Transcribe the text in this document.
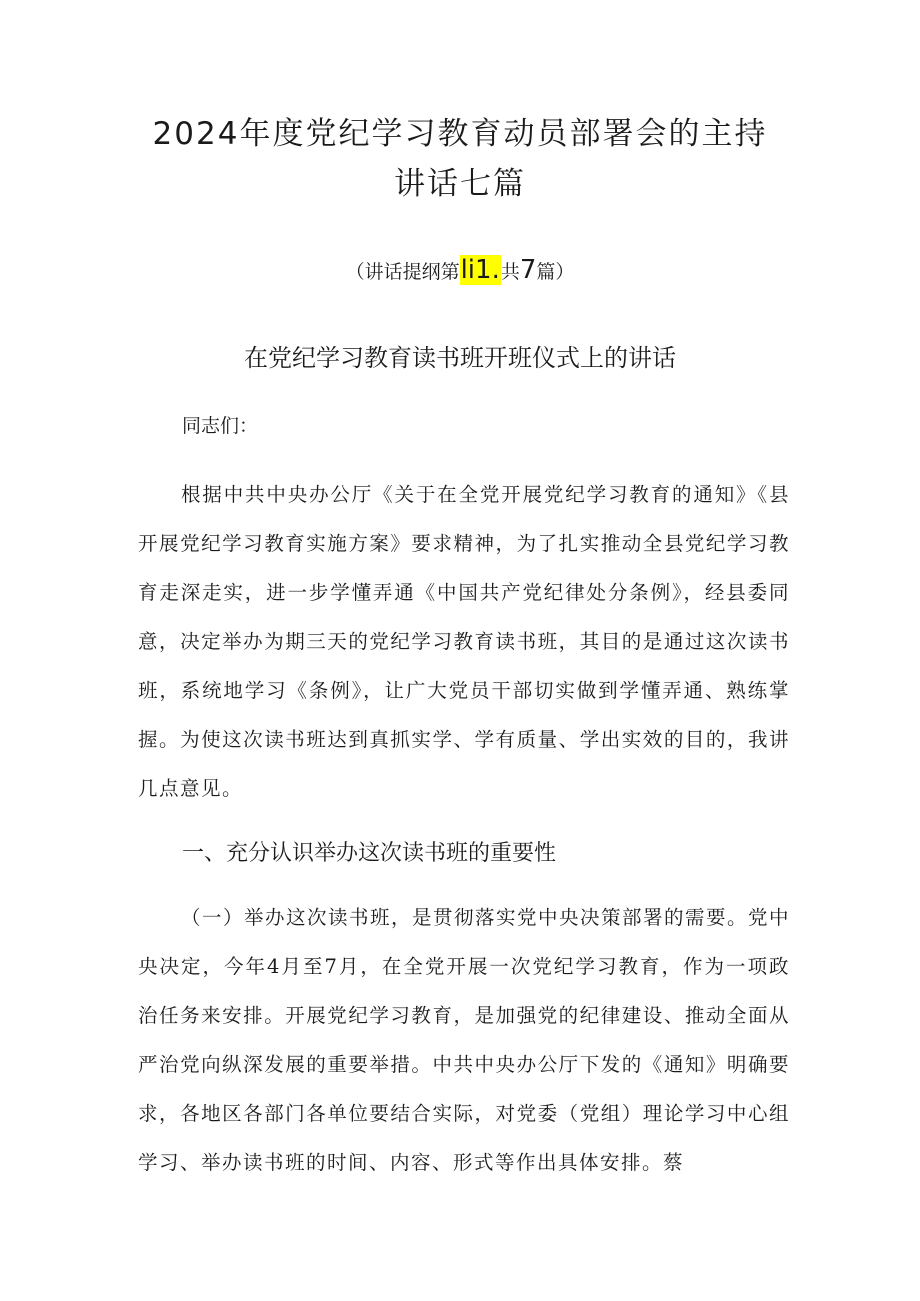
2024年度党纪学习教育动员部署会的主持
讲话七篇
（讲话提纲第li1.共7篇）
在党纪学习教育读书班开班仪式上的讲话
同志们：

根据中共中央办公厅《关于在全党开展党纪学习教育的通知》《县开展党纪学习教育实施方案》要求精神，为了扎实推动全县党纪学习教育走深走实，进一步学懂弄通《中国共产党纪律处分条例》，经县委同意，决定举办为期三天的党纪学习教育读书班，其目的是通过这次读书班，系统地学习《条例》，让广大党员干部切实做到学懂弄通、熟练掌握。为使这次读书班达到真抓实学、学有质量、学出实效的目的，我讲几点意见。

一、充分认识举办这次读书班的重要性

（一）举办这次读书班，是贯彻落实党中央决策部署的需要。党中央决定，今年4月至7月，在全党开展一次党纪学习教育，作为一项政治任务来安排。开展党纪学习教育，是加强党的纪律建设、推动全面从严治党向纵深发展的重要举措。中共中央办公厅下发的《通知》明确要求，各地区各部门各单位要结合实际，对党委（党组）理论学习中心组学习、举办读书班的时间、内容、形式等作出具体安排。蔡
